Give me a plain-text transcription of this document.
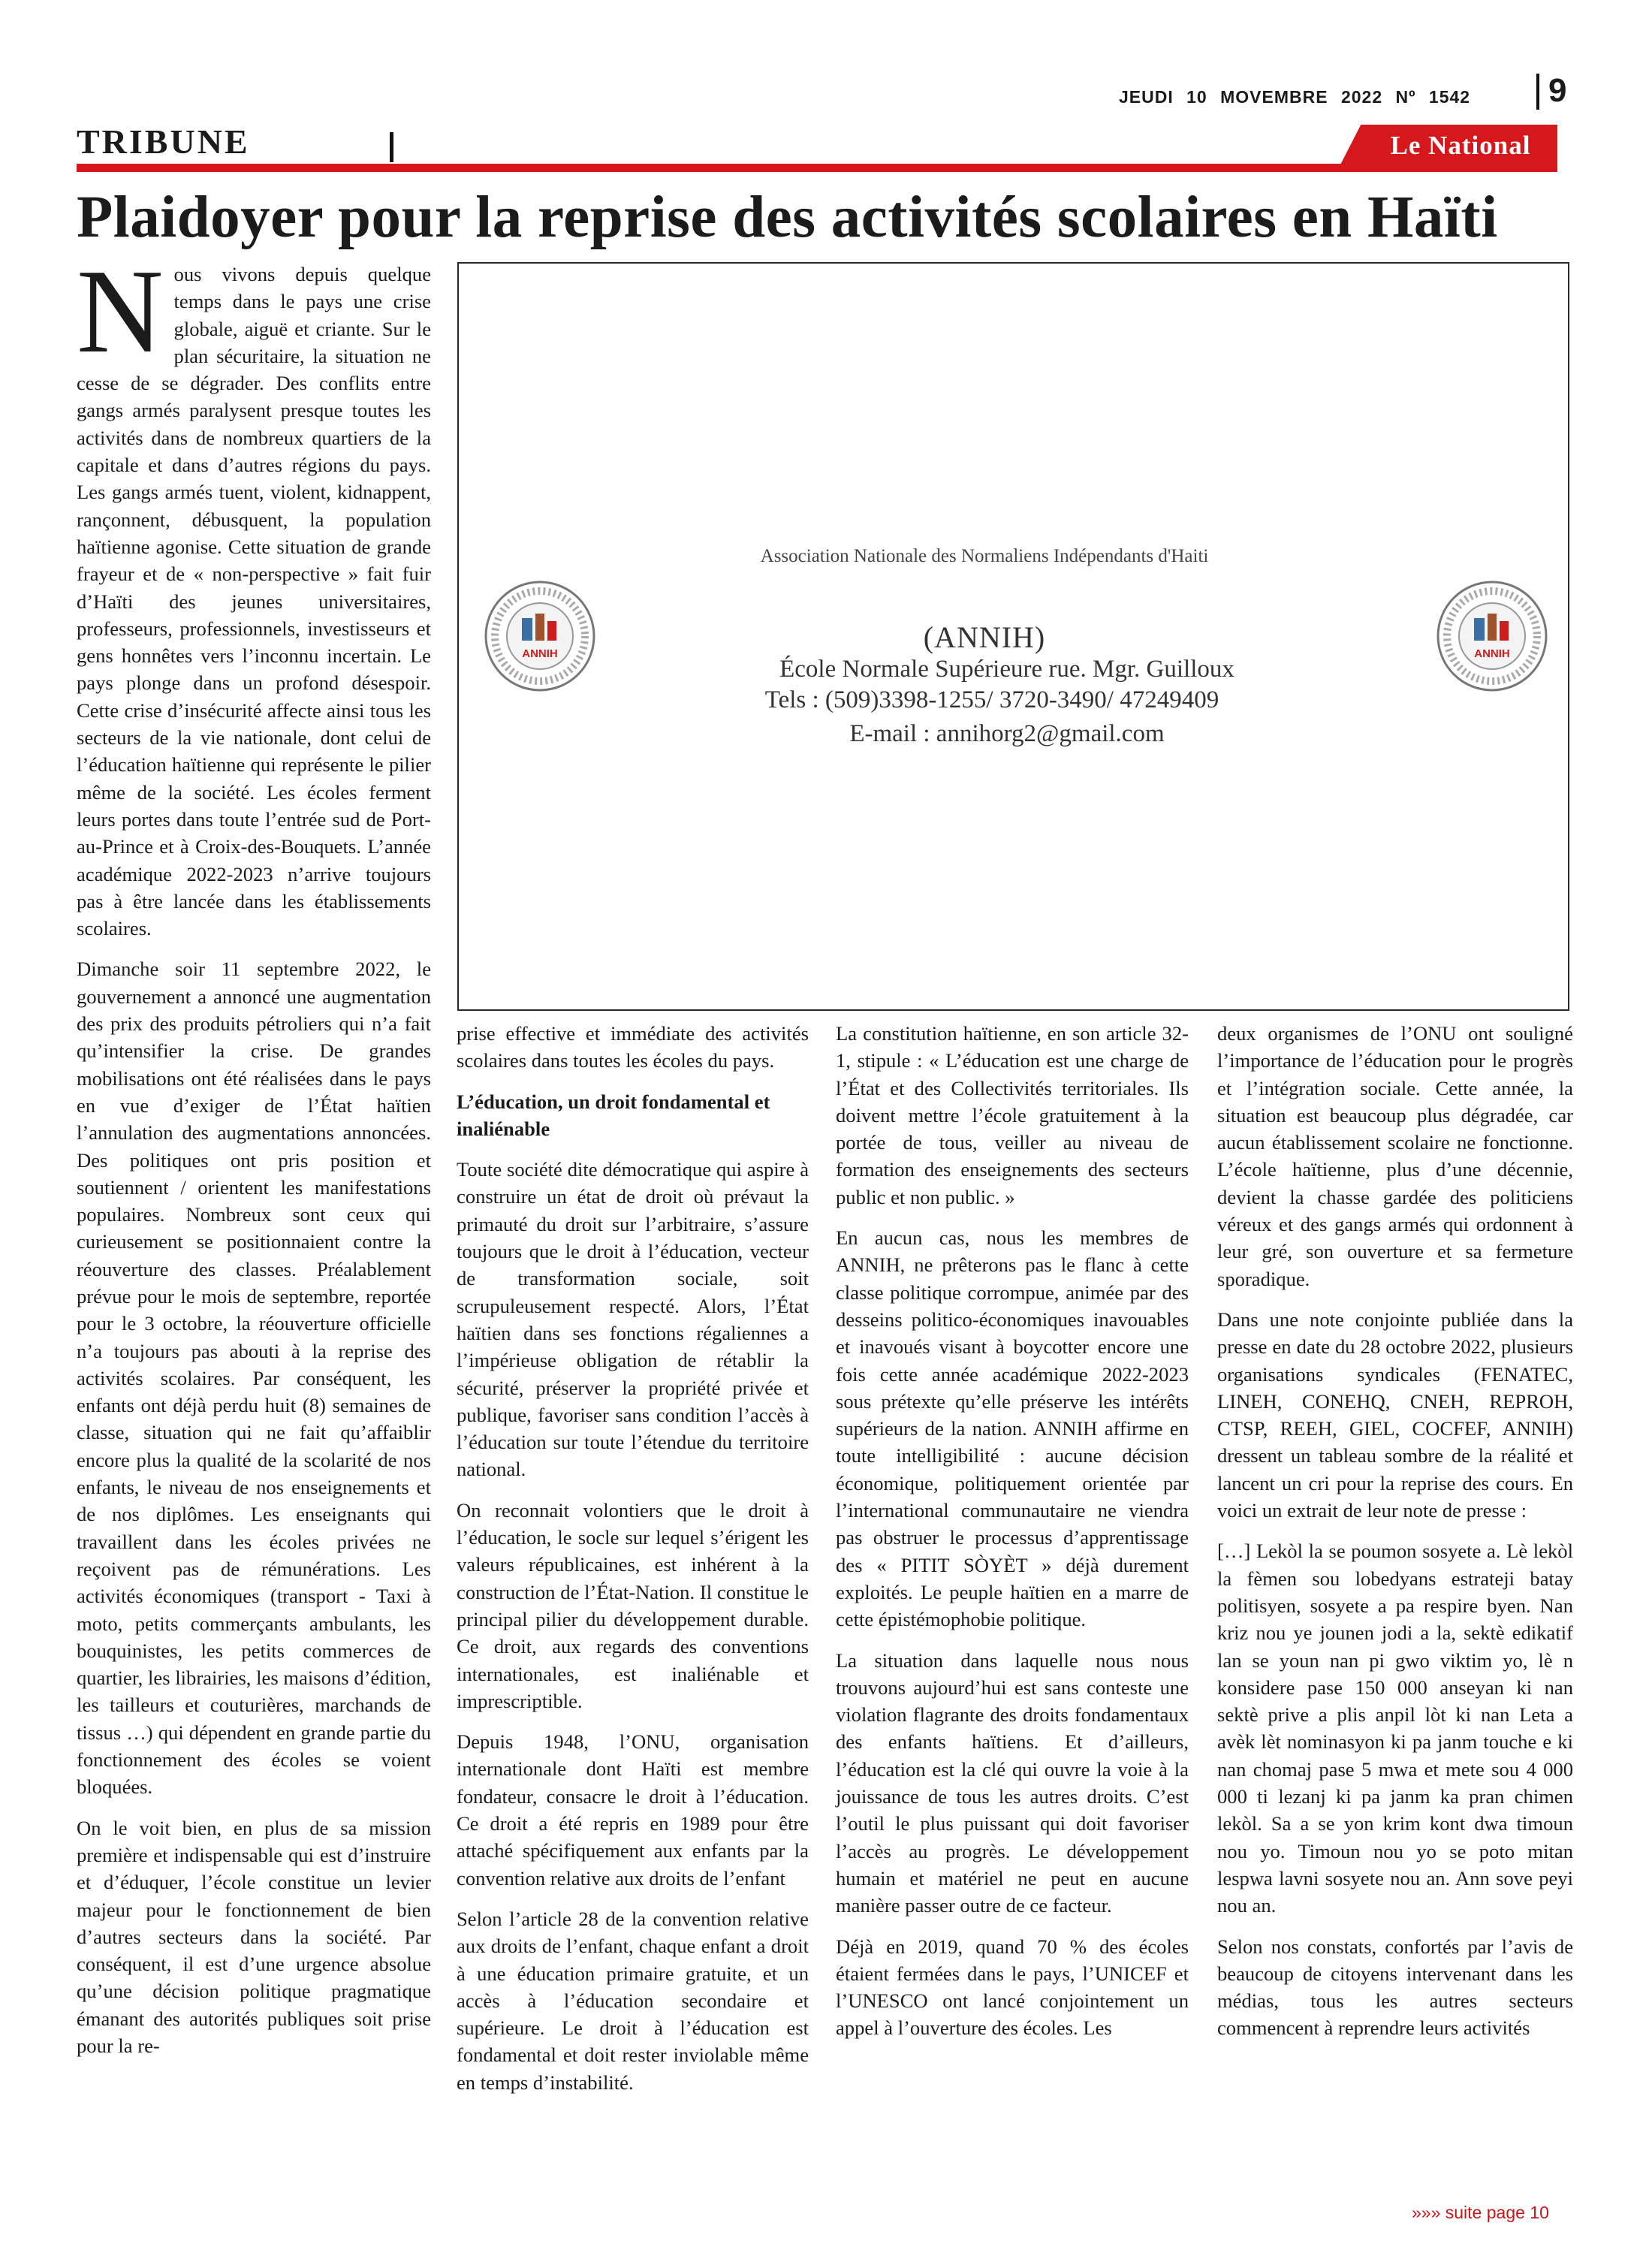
JEUDI 10 MOVEMBRE 2022 Nº 1542 9
TRIBUNE	Le National
Plaidoyer pour la reprise des activités scolaires en Haïti

Nous vivons depuis quelque temps dans le pays une crise globale, aiguë et criante. Sur le plan sécuritaire, la situation ne cesse de se dégrader. Des conflits entre gangs armés paralysent presque toutes les activités dans de nombreux quartiers de la capitale et dans d’autres régions du pays. Les gangs armés tuent, violent, kidnappent, rançonnent, débusquent, la population haïtienne agonise. Cette situation de grande frayeur et de « non-perspective » fait fuir d’Haïti des jeunes universitaires, professeurs, professionnels, investisseurs et gens honnêtes vers l’inconnu incertain. Le pays plonge dans un profond désespoir. Cette crise d’insécurité affecte ainsi tous les secteurs de la vie nationale, dont celui de l’éducation haïtienne qui représente le pilier même de la société. Les écoles ferment leurs portes dans toute l’entrée sud de Port-au-Prince et à Croix-des-Bouquets. L’année académique 2022-2023 n’arrive toujours pas à être lancée dans les établissements scolaires.

Dimanche soir 11 septembre 2022, le gouvernement a annoncé une augmentation des prix des produits pétroliers qui n’a fait qu’intensifier la crise. De grandes mobilisations ont été réalisées dans le pays en vue d’exiger de l’État haïtien l’annulation des augmentations annoncées. Des politiques ont pris position et soutiennent / orientent les manifestations populaires. Nombreux sont ceux qui curieusement se positionnaient contre la réouverture des classes. Préalablement prévue pour le mois de septembre, reportée pour le 3 octobre, la réouverture officielle n’a toujours pas abouti à la reprise des activités scolaires. Par conséquent, les enfants ont déjà perdu huit (8) semaines de classe, situation qui ne fait qu’affaiblir encore plus la qualité de la scolarité de nos enfants, le niveau de nos enseignements et de nos diplômes. Les enseignants qui travaillent dans les écoles privées ne reçoivent pas de rémunérations. Les activités économiques (transport - Taxi à moto, petits commerçants ambulants, les bouquinistes, les petits commerces de quartier, les librairies, les maisons d’édition, les tailleurs et couturières, marchands de tissus …) qui dépendent en grande partie du fonctionnement des écoles se voient bloquées.

On le voit bien, en plus de sa mission première et indispensable qui est d’instruire et d’éduquer, l’école constitue un levier majeur pour le fonctionnement de bien d’autres secteurs dans la société. Par conséquent, il est d’une urgence absolue qu’une décision politique pragmatique émanant des autorités publiques soit prise pour la re-

Association Nationale des Normaliens Indépendants d'Haiti
(ANNIH)
École Normale Supérieure rue. Mgr. Guilloux
Tels : (509)3398-1255/ 3720-3490/ 47249409
E-mail : annihorg2@gmail.com
ANNIH	ANNIH

prise effective et immédiate des activités scolaires dans toutes les écoles du pays.

L’éducation, un droit fondamental et inaliénable

Toute société dite démocratique qui aspire à construire un état de droit où prévaut la primauté du droit sur l’arbitraire, s’assure toujours que le droit à l’éducation, vecteur de transformation sociale, soit scrupuleusement respecté. Alors, l’État haïtien dans ses fonctions régaliennes a l’impérieuse obligation de rétablir la sécurité, préserver la propriété privée et publique, favoriser sans condition l’accès à l’éducation sur toute l’étendue du territoire national.

On reconnait volontiers que le droit à l’éducation, le socle sur lequel s’érigent les valeurs républicaines, est inhérent à la construction de l’État-Nation. Il constitue le principal pilier du développement durable. Ce droit, aux regards des conventions internationales, est inaliénable et imprescriptible.

Depuis 1948, l’ONU, organisation internationale dont Haïti est membre fondateur, consacre le droit à l’éducation. Ce droit a été repris en 1989 pour être attaché spécifiquement aux enfants par la convention relative aux droits de l’enfant

Selon l’article 28 de la convention relative aux droits de l’enfant, chaque enfant a droit à une éducation primaire gratuite, et un accès à l’éducation secondaire et supérieure. Le droit à l’éducation est fondamental et doit rester inviolable même en temps d’instabilité.

La constitution haïtienne, en son article 32-1, stipule : « L’éducation est une charge de l’État et des Collectivités territoriales. Ils doivent mettre l’école gratuitement à la portée de tous, veiller au niveau de formation des enseignements des secteurs public et non public. »

En aucun cas, nous les membres de ANNIH, ne prêterons pas le flanc à cette classe politique corrompue, animée par des desseins politico-économiques inavouables et inavoués visant à boycotter encore une fois cette année académique 2022-2023 sous prétexte qu’elle préserve les intérêts supérieurs de la nation. ANNIH affirme en toute intelligibilité : aucune décision économique, politiquement orientée par l’international communautaire ne viendra pas obstruer le processus d’apprentissage des « PITIT SÒYÈT » déjà durement exploités. Le peuple haïtien en a marre de cette épistémophobie politique.

La situation dans laquelle nous nous trouvons aujourd’hui est sans conteste une violation flagrante des droits fondamentaux des enfants haïtiens. Et d’ailleurs, l’éducation est la clé qui ouvre la voie à la jouissance de tous les autres droits. C’est l’outil le plus puissant qui doit favoriser l’accès au progrès. Le développement humain et matériel ne peut en aucune manière passer outre de ce facteur.

Déjà en 2019, quand 70 % des écoles étaient fermées dans le pays, l’UNICEF et l’UNESCO ont lancé conjointement un appel à l’ouverture des écoles. Les

deux organismes de l’ONU ont souligné l’importance de l’éducation pour le progrès et l’intégration sociale. Cette année, la situation est beaucoup plus dégradée, car aucun établissement scolaire ne fonctionne. L’école haïtienne, plus d’une décennie, devient la chasse gardée des politiciens véreux et des gangs armés qui ordonnent à leur gré, son ouverture et sa fermeture sporadique.

Dans une note conjointe publiée dans la presse en date du 28 octobre 2022, plusieurs organisations syndicales (FENATEC, LINEH, CONEHQ, CNEH, REPROH, CTSP, REEH, GIEL, COCFEF, ANNIH) dressent un tableau sombre de la réalité et lancent un cri pour la reprise des cours. En voici un extrait de leur note de presse :

[…] Lekòl la se poumon sosyete a. Lè lekòl la fèmen sou lobedyans estrateji batay politisyen, sosyete a pa respire byen. Nan kriz nou ye jounen jodi a la, sektè edikatif lan se youn nan pi gwo viktim yo, lè n konsidere pase 150 000 anseyan ki nan sektè prive a plis anpil lòt ki nan Leta a avèk lèt nominasyon ki pa janm touche e ki nan chomaj pase 5 mwa et mete sou 4 000 000 ti lezanj ki pa janm ka pran chimen lekòl. Sa a se yon krim kont dwa timoun nou yo. Timoun nou yo se poto mitan lespwa lavni sosyete nou an. Ann sove peyi nou an.

Selon nos constats, confortés par l’avis de beaucoup de citoyens intervenant dans les médias, tous les autres secteurs commencent à reprendre leurs activités

»»» suite page 10
